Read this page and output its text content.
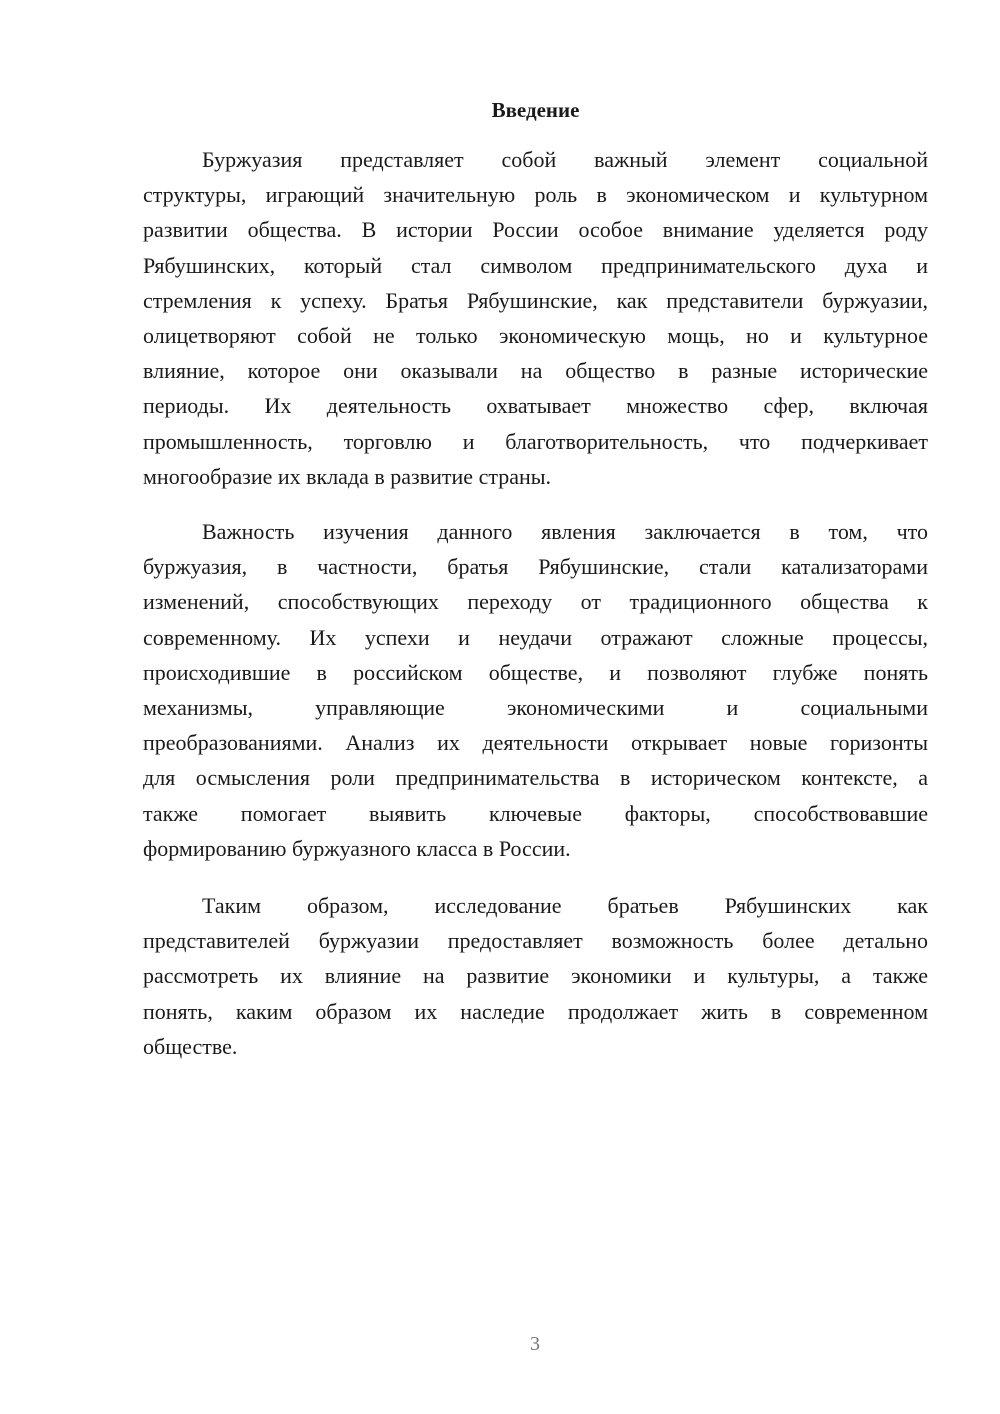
Введение
Буржуазия представляет собой важный элемент социальной
структуры, играющий значительную роль в экономическом и культурном
развитии общества. В истории России особое внимание уделяется роду
Рябушинских, который стал символом предпринимательского духа и
стремления к успеху. Братья Рябушинские, как представители буржуазии,
олицетворяют собой не только экономическую мощь, но и культурное
влияние, которое они оказывали на общество в разные исторические
периоды. Их деятельность охватывает множество сфер, включая
промышленность, торговлю и благотворительность, что подчеркивает
многообразие их вклада в развитие страны.
Важность изучения данного явления заключается в том, что
буржуазия, в частности, братья Рябушинские, стали катализаторами
изменений, способствующих переходу от традиционного общества к
современному. Их успехи и неудачи отражают сложные процессы,
происходившие в российском обществе, и позволяют глубже понять
механизмы, управляющие экономическими и социальными
преобразованиями. Анализ их деятельности открывает новые горизонты
для осмысления роли предпринимательства в историческом контексте, а
также помогает выявить ключевые факторы, способствовавшие
формированию буржуазного класса в России.
Таким образом, исследование братьев Рябушинских как
представителей буржуазии предоставляет возможность более детально
рассмотреть их влияние на развитие экономики и культуры, а также
понять, каким образом их наследие продолжает жить в современном
обществе.
3
